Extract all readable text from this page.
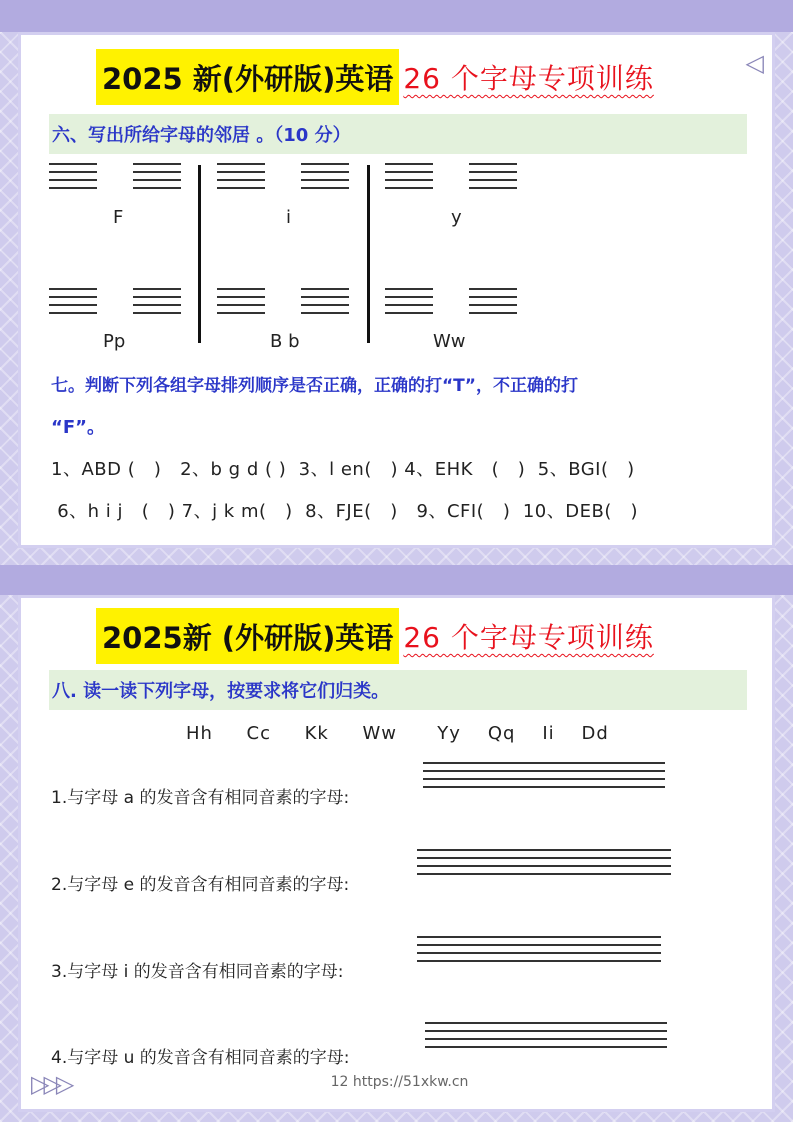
2025 新(外研版)英语 26 个字母专项训练	◁
六、写出所给字母的邻居 。（10 分）
F	i	y
Pp	B b	Ww
七。判断下列各组字母排列顺序是否正确，正确的打“T”，不正确的打
“F”。
1、ABD (   )   2、b g d ( )  3、l en(   ) 4、EHK   (   )  5、BGI(   )
6、h i j   (   ) 7、j k m(   )  8、FJE(   )   9、CFI(   )  10、DEB(   )
2025新 (外研版)英语 26 个字母专项训练
八. 读一读下列字母，按要求将它们归类。
Hh     Cc     Kk     Ww      Yy    Qq    Ii    Dd
1.与字母 a 的发音含有相同音素的字母:
2.与字母 e 的发音含有相同音素的字母:
3.与字母 i 的发音含有相同音素的字母:
4.与字母 u 的发音含有相同音素的字母:
▷▷▷	12 https://51xkw.cn
